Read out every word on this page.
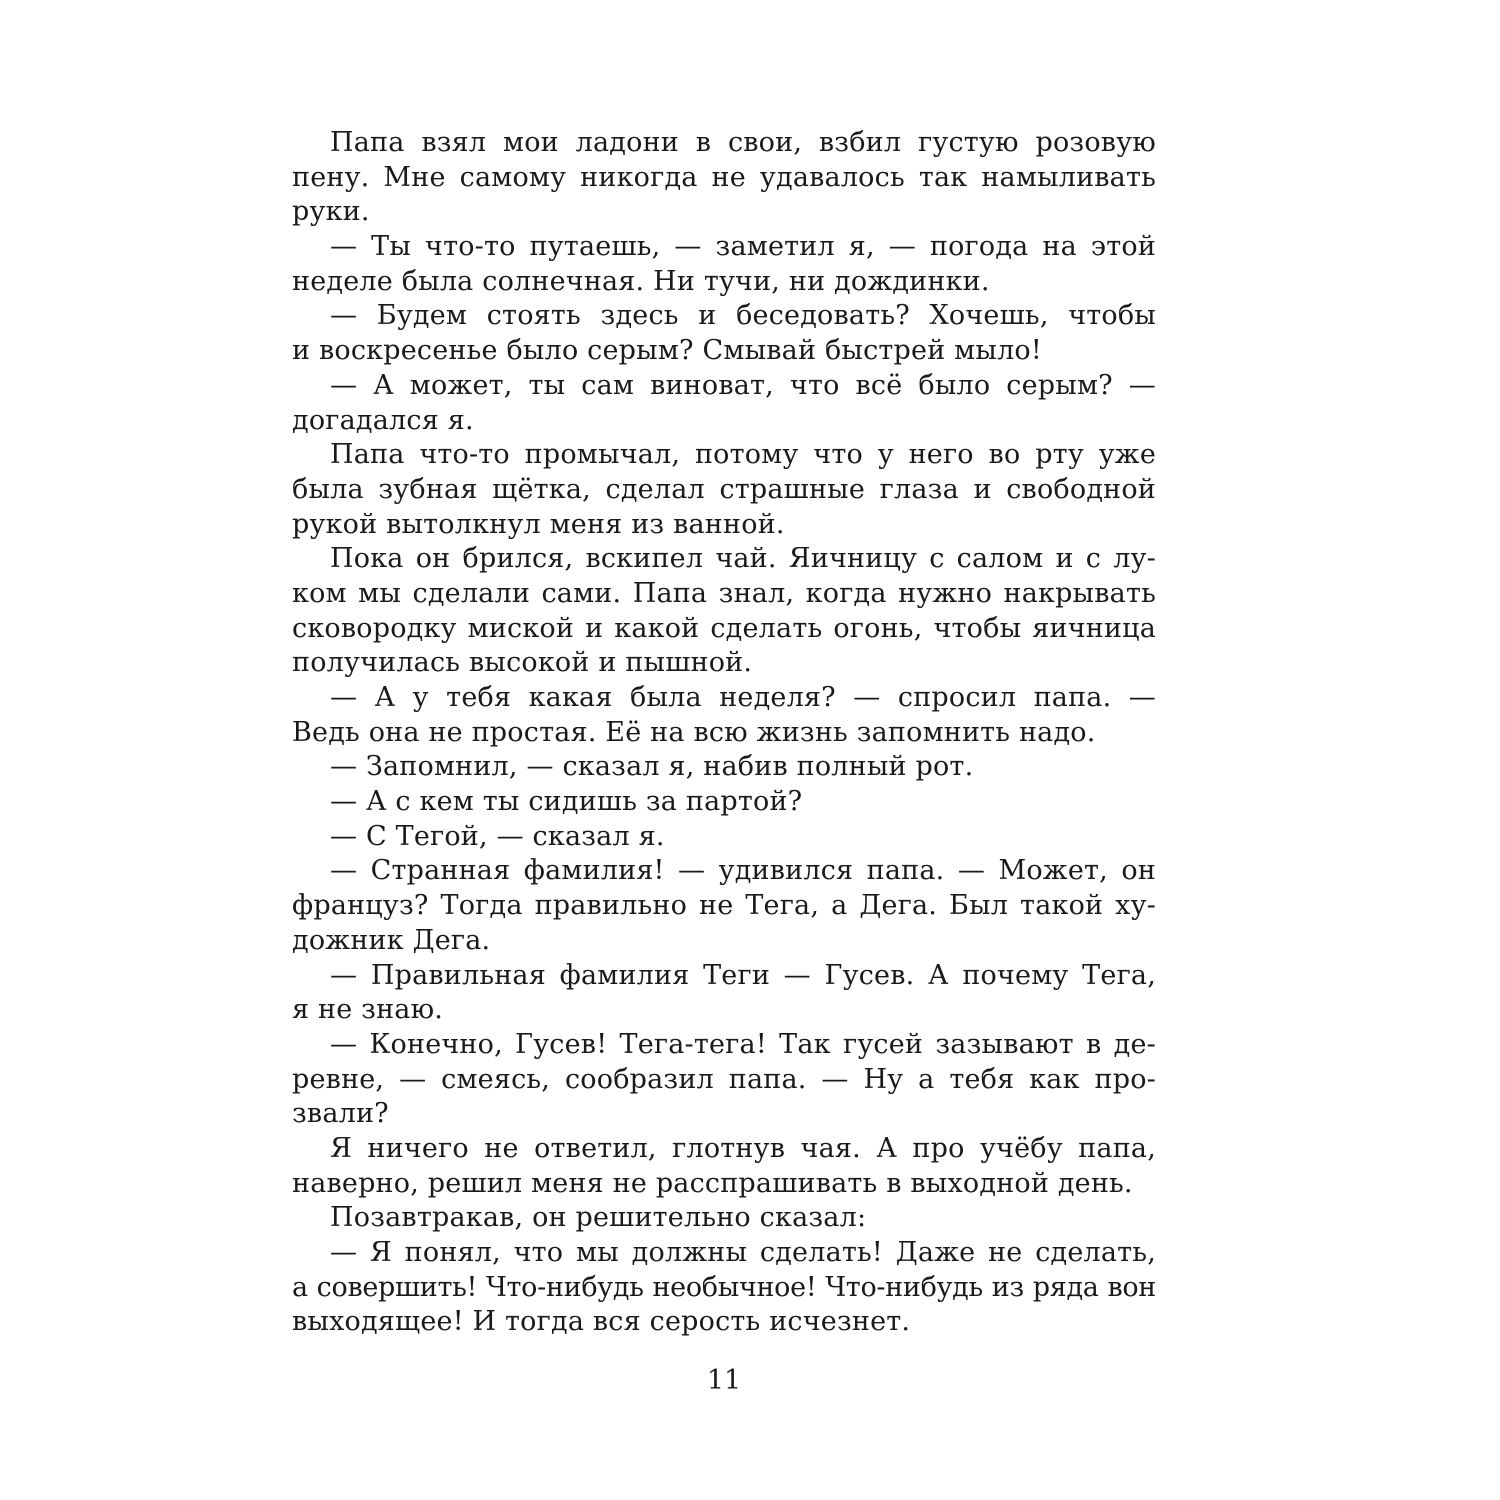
Папа взял мои ладони в свои, взбил густую розовую
пену. Мне самому никогда не удавалось так намыливать
руки.
— Ты что-то путаешь, — заметил я, — погода на этой
неделе была солнечная. Ни тучи, ни дождинки.
— Будем стоять здесь и беседовать? Хочешь, чтобы
и воскресенье было серым? Смывай быстрей мыло!
— А может, ты сам виноват, что всё было серым? —
догадался я.
Папа что-то промычал, потому что у него во рту уже
была зубная щётка, сделал страшные глаза и свободной
рукой вытолкнул меня из ванной.
Пока он брился, вскипел чай. Яичницу с салом и с лу-
ком мы сделали сами. Папа знал, когда нужно накрывать
сковородку миской и какой сделать огонь, чтобы яичница
получилась высокой и пышной.
— А у тебя какая была неделя? — спросил папа. —
Ведь она не простая. Её на всю жизнь запомнить надо.
— Запомнил, — сказал я, набив полный рот.
— А с кем ты сидишь за партой?
— С Тегой, — сказал я.
— Странная фамилия! — удивился папа. — Может, он
француз? Тогда правильно не Тега, а Дега. Был такой ху-
дожник Дега.
— Правильная фамилия Теги — Гусев. А почему Тега,
я не знаю.
— Конечно, Гусев! Тега-тега! Так гусей зазывают в де-
ревне, — смеясь, сообразил папа. — Ну а тебя как про-
звали?
Я ничего не ответил, глотнув чая. А про учёбу папа,
наверно, решил меня не расспрашивать в выходной день.
Позавтракав, он решительно сказал:
— Я понял, что мы должны сделать! Даже не сделать,
а совершить! Что-нибудь необычное! Что-нибудь из ряда вон
выходящее! И тогда вся серость исчезнет.
11
